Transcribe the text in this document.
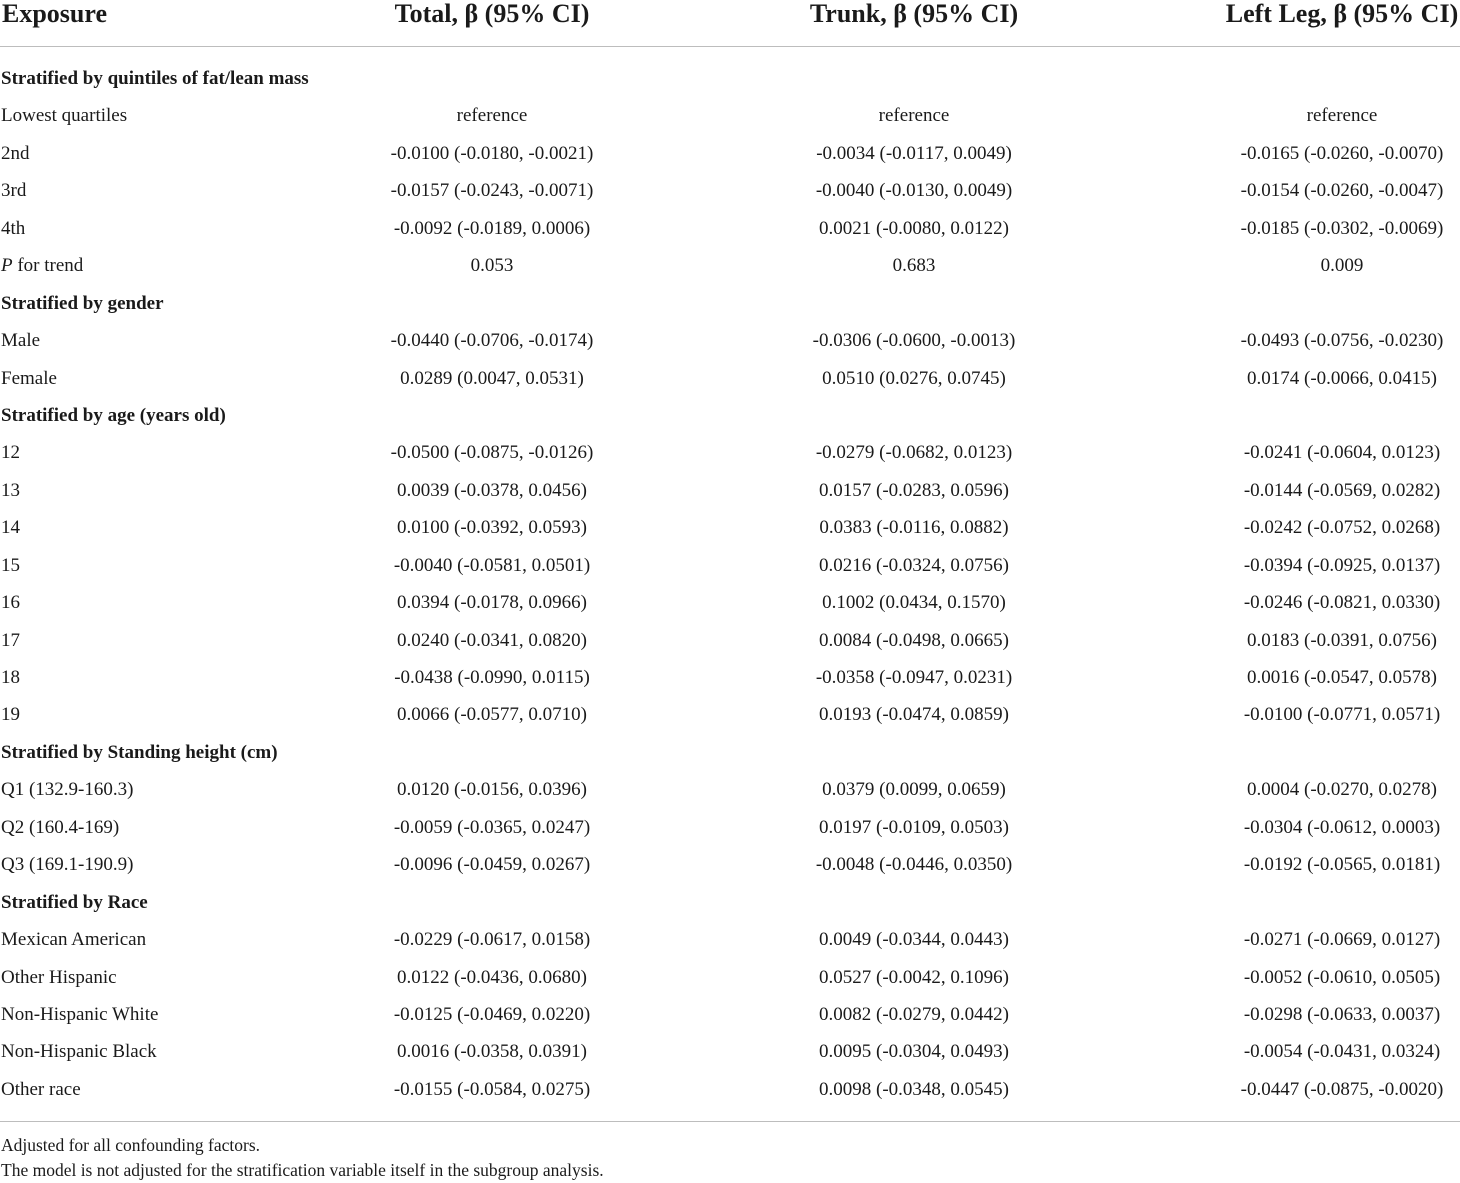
Exposure	Total, β (95% CI)	Trunk, β (95% CI)	Left Leg, β (95% CI)
Stratified by quintiles of fat/lean mass
Lowest quartiles	reference	reference	reference
2nd	-0.0100 (-0.0180, -0.0021)	-0.0034 (-0.0117, 0.0049)	-0.0165 (-0.0260, -0.0070)
3rd	-0.0157 (-0.0243, -0.0071)	-0.0040 (-0.0130, 0.0049)	-0.0154 (-0.0260, -0.0047)
4th	-0.0092 (-0.0189, 0.0006)	0.0021 (-0.0080, 0.0122)	-0.0185 (-0.0302, -0.0069)
P for trend	0.053	0.683	0.009
Stratified by gender
Male	-0.0440 (-0.0706, -0.0174)	-0.0306 (-0.0600, -0.0013)	-0.0493 (-0.0756, -0.0230)
Female	0.0289 (0.0047, 0.0531)	0.0510 (0.0276, 0.0745)	0.0174 (-0.0066, 0.0415)
Stratified by age (years old)
12	-0.0500 (-0.0875, -0.0126)	-0.0279 (-0.0682, 0.0123)	-0.0241 (-0.0604, 0.0123)
13	0.0039 (-0.0378, 0.0456)	0.0157 (-0.0283, 0.0596)	-0.0144 (-0.0569, 0.0282)
14	0.0100 (-0.0392, 0.0593)	0.0383 (-0.0116, 0.0882)	-0.0242 (-0.0752, 0.0268)
15	-0.0040 (-0.0581, 0.0501)	0.0216 (-0.0324, 0.0756)	-0.0394 (-0.0925, 0.0137)
16	0.0394 (-0.0178, 0.0966)	0.1002 (0.0434, 0.1570)	-0.0246 (-0.0821, 0.0330)
17	0.0240 (-0.0341, 0.0820)	0.0084 (-0.0498, 0.0665)	0.0183 (-0.0391, 0.0756)
18	-0.0438 (-0.0990, 0.0115)	-0.0358 (-0.0947, 0.0231)	0.0016 (-0.0547, 0.0578)
19	0.0066 (-0.0577, 0.0710)	0.0193 (-0.0474, 0.0859)	-0.0100 (-0.0771, 0.0571)
Stratified by Standing height (cm)
Q1 (132.9-160.3)	0.0120 (-0.0156, 0.0396)	0.0379 (0.0099, 0.0659)	0.0004 (-0.0270, 0.0278)
Q2 (160.4-169)	-0.0059 (-0.0365, 0.0247)	0.0197 (-0.0109, 0.0503)	-0.0304 (-0.0612, 0.0003)
Q3 (169.1-190.9)	-0.0096 (-0.0459, 0.0267)	-0.0048 (-0.0446, 0.0350)	-0.0192 (-0.0565, 0.0181)
Stratified by Race
Mexican American	-0.0229 (-0.0617, 0.0158)	0.0049 (-0.0344, 0.0443)	-0.0271 (-0.0669, 0.0127)
Other Hispanic	0.0122 (-0.0436, 0.0680)	0.0527 (-0.0042, 0.1096)	-0.0052 (-0.0610, 0.0505)
Non-Hispanic White	-0.0125 (-0.0469, 0.0220)	0.0082 (-0.0279, 0.0442)	-0.0298 (-0.0633, 0.0037)
Non-Hispanic Black	0.0016 (-0.0358, 0.0391)	0.0095 (-0.0304, 0.0493)	-0.0054 (-0.0431, 0.0324)
Other race	-0.0155 (-0.0584, 0.0275)	0.0098 (-0.0348, 0.0545)	-0.0447 (-0.0875, -0.0020)
Adjusted for all confounding factors.
The model is not adjusted for the stratification variable itself in the subgroup analysis.
